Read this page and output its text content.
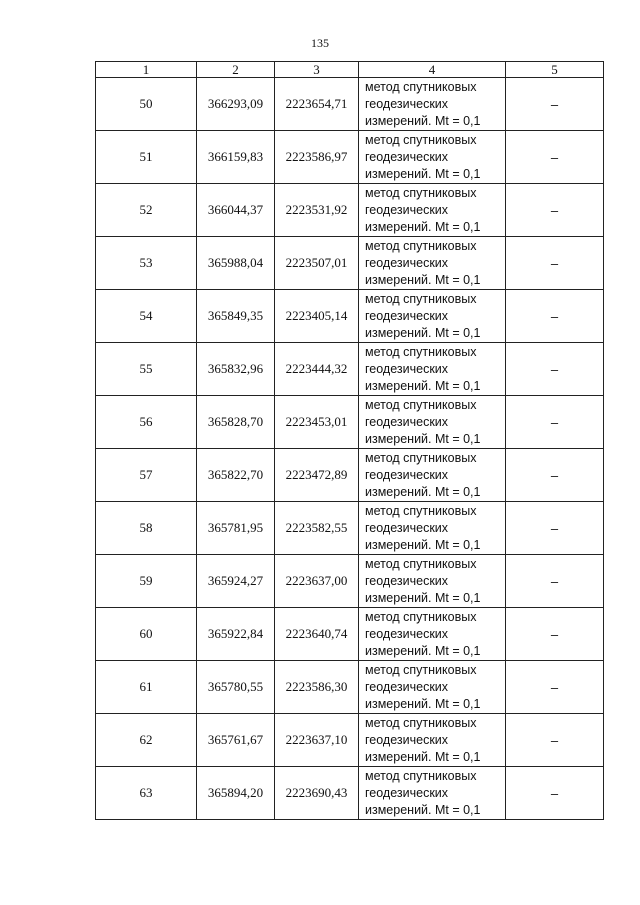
135
1	2	3	4	5
50	366293,09	2223654,71	метод спутниковых
геодезических
измерений. Mt = 0,1	–
51	366159,83	2223586,97	метод спутниковых
геодезических
измерений. Mt = 0,1	–
52	366044,37	2223531,92	метод спутниковых
геодезических
измерений. Mt = 0,1	–
53	365988,04	2223507,01	метод спутниковых
геодезических
измерений. Mt = 0,1	–
54	365849,35	2223405,14	метод спутниковых
геодезических
измерений. Mt = 0,1	–
55	365832,96	2223444,32	метод спутниковых
геодезических
измерений. Mt = 0,1	–
56	365828,70	2223453,01	метод спутниковых
геодезических
измерений. Mt = 0,1	–
57	365822,70	2223472,89	метод спутниковых
геодезических
измерений. Mt = 0,1	–
58	365781,95	2223582,55	метод спутниковых
геодезических
измерений. Mt = 0,1	–
59	365924,27	2223637,00	метод спутниковых
геодезических
измерений. Mt = 0,1	–
60	365922,84	2223640,74	метод спутниковых
геодезических
измерений. Mt = 0,1	–
61	365780,55	2223586,30	метод спутниковых
геодезических
измерений. Mt = 0,1	–
62	365761,67	2223637,10	метод спутниковых
геодезических
измерений. Mt = 0,1	–
63	365894,20	2223690,43	метод спутниковых
геодезических
измерений. Mt = 0,1	–
